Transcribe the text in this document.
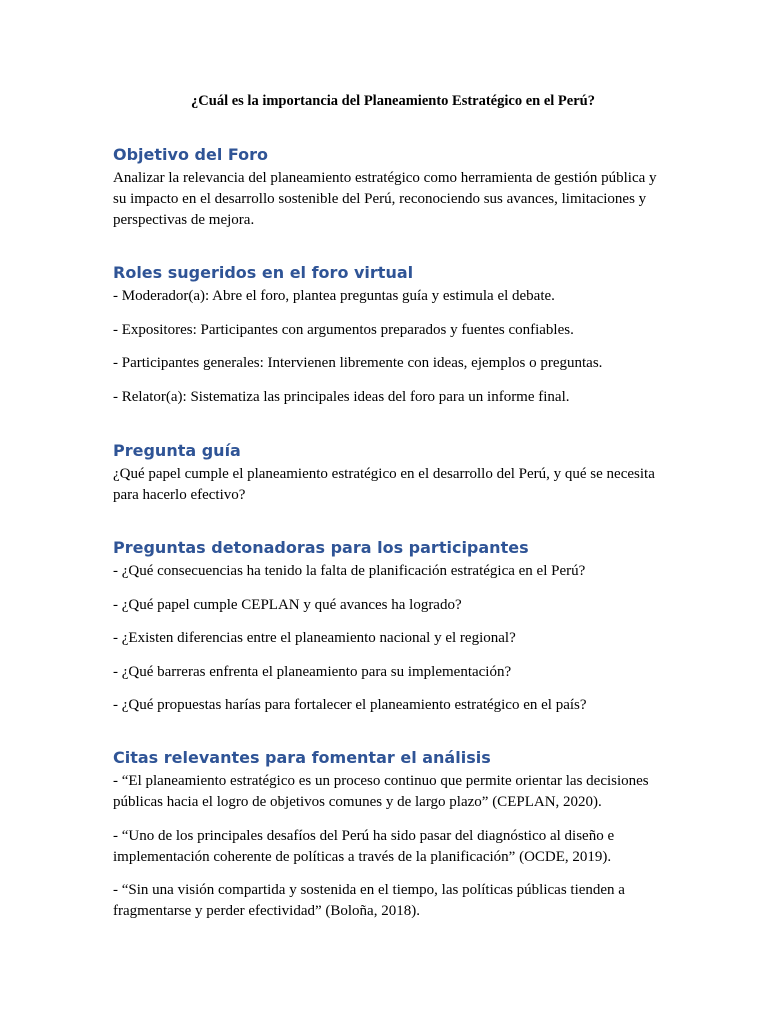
¿Cuál es la importancia del Planeamiento Estratégico en el Perú?
Objetivo del Foro

Analizar la relevancia del planeamiento estratégico como herramienta de gestión pública y su impacto en el desarrollo sostenible del Perú, reconociendo sus avances, limitaciones y perspectivas de mejora.

Roles sugeridos en el foro virtual

- Moderador(a): Abre el foro, plantea preguntas guía y estimula el debate.

- Expositores: Participantes con argumentos preparados y fuentes confiables.

- Participantes generales: Intervienen libremente con ideas, ejemplos o preguntas.

- Relator(a): Sistematiza las principales ideas del foro para un informe final.

Pregunta guía

¿Qué papel cumple el planeamiento estratégico en el desarrollo del Perú, y qué se necesita para hacerlo efectivo?

Preguntas detonadoras para los participantes

- ¿Qué consecuencias ha tenido la falta de planificación estratégica en el Perú?

- ¿Qué papel cumple CEPLAN y qué avances ha logrado?

- ¿Existen diferencias entre el planeamiento nacional y el regional?

- ¿Qué barreras enfrenta el planeamiento para su implementación?

- ¿Qué propuestas harías para fortalecer el planeamiento estratégico en el país?

Citas relevantes para fomentar el análisis

- “El planeamiento estratégico es un proceso continuo que permite orientar las decisiones públicas hacia el logro de objetivos comunes y de largo plazo” (CEPLAN, 2020).

- “Uno de los principales desafíos del Perú ha sido pasar del diagnóstico al diseño e implementación coherente de políticas a través de la planificación” (OCDE, 2019).

- “Sin una visión compartida y sostenida en el tiempo, las políticas públicas tienden a fragmentarse y perder efectividad” (Boloña, 2018).
